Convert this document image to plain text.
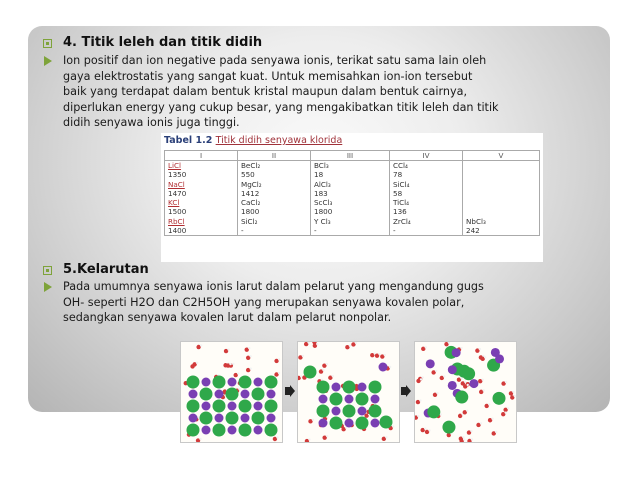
4. Titik leleh dan titik didih
Ion positif dan ion negative pada senyawa ionis, terikat satu sama lain oleh
gaya elektrostatis yang sangat kuat. Untuk memisahkan ion-ion tersebut
baik yang terdapat dalam bentuk kristal maupun dalam bentuk cairnya,
diperlukan energy yang cukup besar, yang mengakibatkan titik leleh dan titik
didih senyawa ionis juga tinggi.
Tabel 1.2 Titik didih senyawa klorida
I	II	III	IV	V
LiCl	BeCl₂	BCl₃	CCl₄	
1350	550	18	78	
NaCl	MgCl₂	AlCl₃	SiCl₄	
1470	1412	183	58	
KCl	CaCl₂	ScCl₃	TiCl₄	
1500	1800	1800	136	
RbCl	SiCl₂	Y Cl₃	ZrCl₄	NbCl₃
1400	-	-	-	242
5.Kelarutan
Pada umumnya senyawa ionis larut dalam pelarut yang mengandung gugs
OH- seperti H2O dan C2H5OH yang merupakan senyawa kovalen polar,
sedangkan senyawa kovalen larut dalam pelarut nonpolar.
